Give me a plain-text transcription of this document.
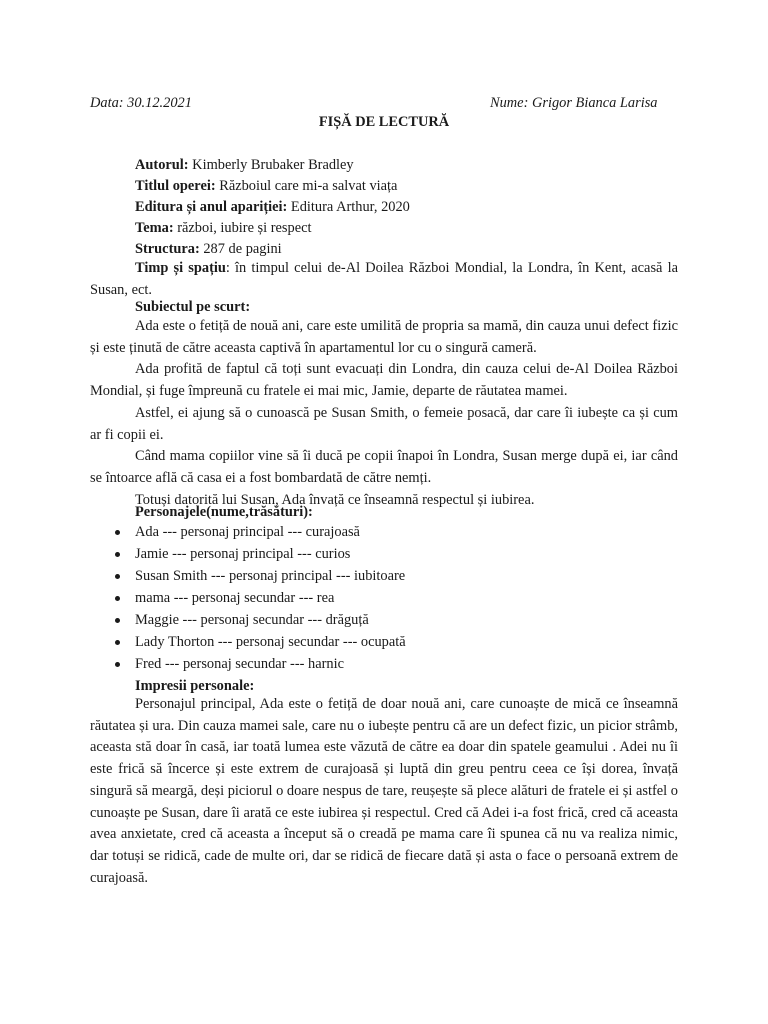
Data: 30.12.2021	Nume: Grigor Bianca Larisa
FIȘĂ DE LECTURĂ
Autorul: Kimberly Brubaker Bradley
Titlul operei: Războiul care mi-a salvat viața
Editura și anul apariției: Editura Arthur, 2020
Tema: război, iubire și respect
Structura: 287 de pagini

Timp și spațiu: în timpul celui de-Al Doilea Război Mondial, la Londra, în Kent, acasă la Susan, ect.

Subiectul pe scurt:

Ada este o fetiță de nouă ani, care este umilită de propria sa mamă, din cauza unui defect fizic și este ținută de către aceasta captivă în apartamentul lor cu o singură cameră.

Ada profită de faptul că toți sunt evacuați din Londra, din cauza celui de-Al Doilea Război Mondial, și fuge împreună cu fratele ei mai mic, Jamie, departe de răutatea mamei.

Astfel, ei ajung să o cunoască pe Susan Smith, o femeie posacă, dar care îi iubește ca și cum ar fi copii ei.

Când mama copiilor vine să îi ducă pe copii înapoi în Londra, Susan merge după ei, iar când se întoarce află că casa ei a fost bombardată de către nemți.

Totuși datorită lui Susan, Ada învață ce înseamnă respectul și iubirea.

Personajele(nume,trăsături):
Ada --- personaj principal --- curajoasă
Jamie --- personaj principal --- curios
Susan Smith --- personaj principal --- iubitoare
mama --- personaj secundar --- rea
Maggie --- personaj secundar --- drăguță
Lady Thorton --- personaj secundar --- ocupată
Fred --- personaj secundar --- harnic
Impresii personale:

Personajul principal, Ada este o fetiță de doar nouă ani, care cunoaște de mică ce înseamnă răutatea și ura. Din cauza mamei sale, care nu o iubește pentru că are un defect fizic, un picior strâmb, aceasta stă doar în casă, iar toată lumea este văzută de către ea doar din spatele geamului . Adei nu îi este frică să încerce și este extrem de curajoasă și luptă din greu pentru ceea ce își dorea, învață singură să meargă, deși piciorul o doare nespus de tare, reușește să plece alături de fratele ei și astfel o cunoaște pe Susan, dare îi arată ce este iubirea și respectul. Cred că Adei i-a fost frică, cred că aceasta avea anxietate, cred că aceasta a început să o creadă pe mama care îi spunea că nu va realiza nimic, dar totuși se ridică, cade de multe ori, dar se ridică de fiecare dată și asta o face o persoană extrem de curajoasă.
